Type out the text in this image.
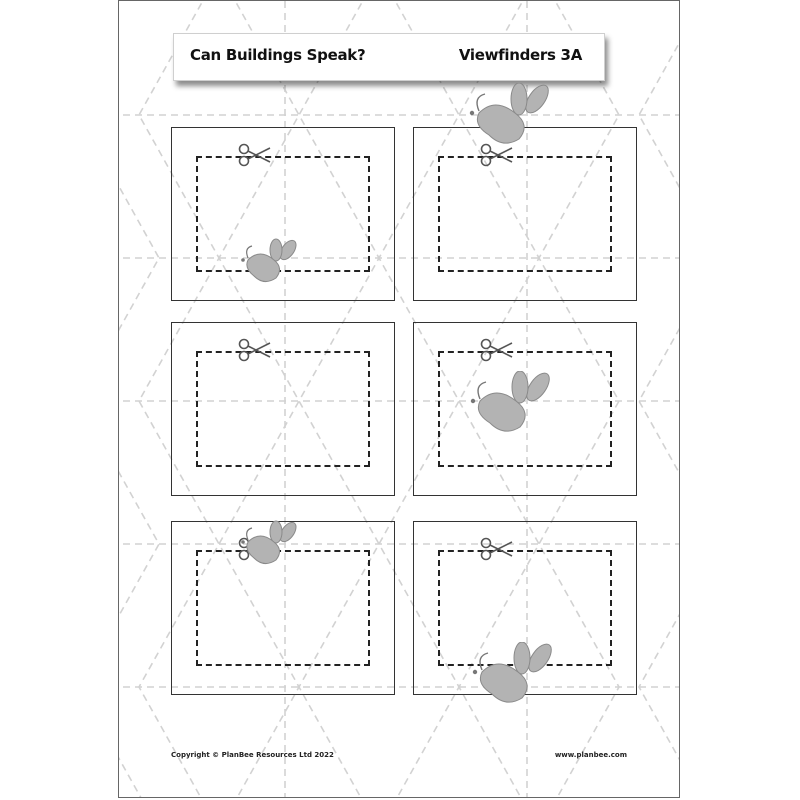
Can Buildings Speak?	Viewfinders 3A
Copyright © PlanBee Resources Ltd 2022	www.planbee.com
